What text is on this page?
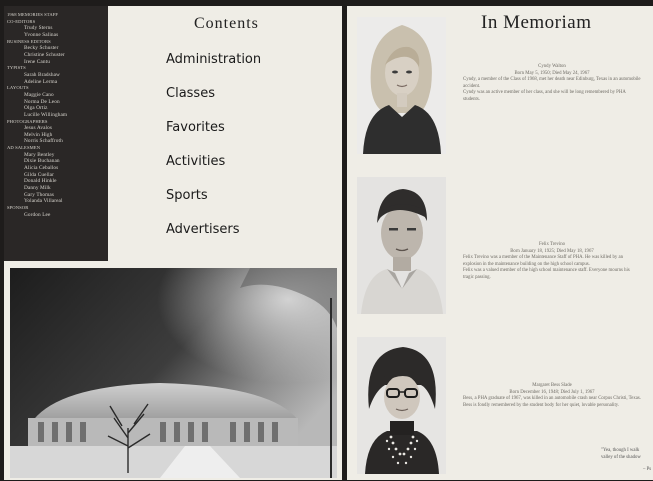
1968 MEMORIES STAFF
CO-EDITORS
Trudy Sterns
Yvonne Salinas
BUSINESS EDITORS
Becky Schuster
Christine Schuster
Irene Cantu
TYPISTS
Sarah Bradshaw
Adeline Lerma
LAYOUTS
Maggie Cano
Norma De Leon
Olga Ortiz
Lucille Willingham
PHOTOGRAPHERS
Jesus Avalos
Melvin High
Norris Schaffroth
AD SALESMEN
Mary Bentley
Dixie Buchanan
Alicia Ceballos
Gilda Cuellar
Donald Hinkle
Danny Milk
Gary Thomas
Yolanda Villareal
SPONSOR
Gordon Lee
Contents
Administration
Classes
Favorites
Activities
Sports
Advertisers
In Memoriam
Cyndy Walton
Born May 5, 1950; Died May 24, 1967

Cyndy, a member of the Class of 1968, met her death near Edinburg, Texas in an automobile accident.

Cyndy was an active member of her class, and she will be long remembered by PHA students.

Felix Trevino
Born January 18, 1925; Died May 18, 1967

Felix Trevino was a member of the Maintenance Staff of PHA. He was killed by an explosion in the maintenance building on the high school campus.

Felix was a valued member of the high school maintenance staff. Everyone mourns his tragic passing.

Margaret Bess Slade
Born December 16, 1948; Died July 1, 1967

Bess, a PHA graduate of 1967, was killed in an automobile crash near Corpus Christi, Texas.

Bess is fondly remembered by the student body for her quiet, lovable personality.

"Yea, though I walk
valley of the shadow
– Ps
